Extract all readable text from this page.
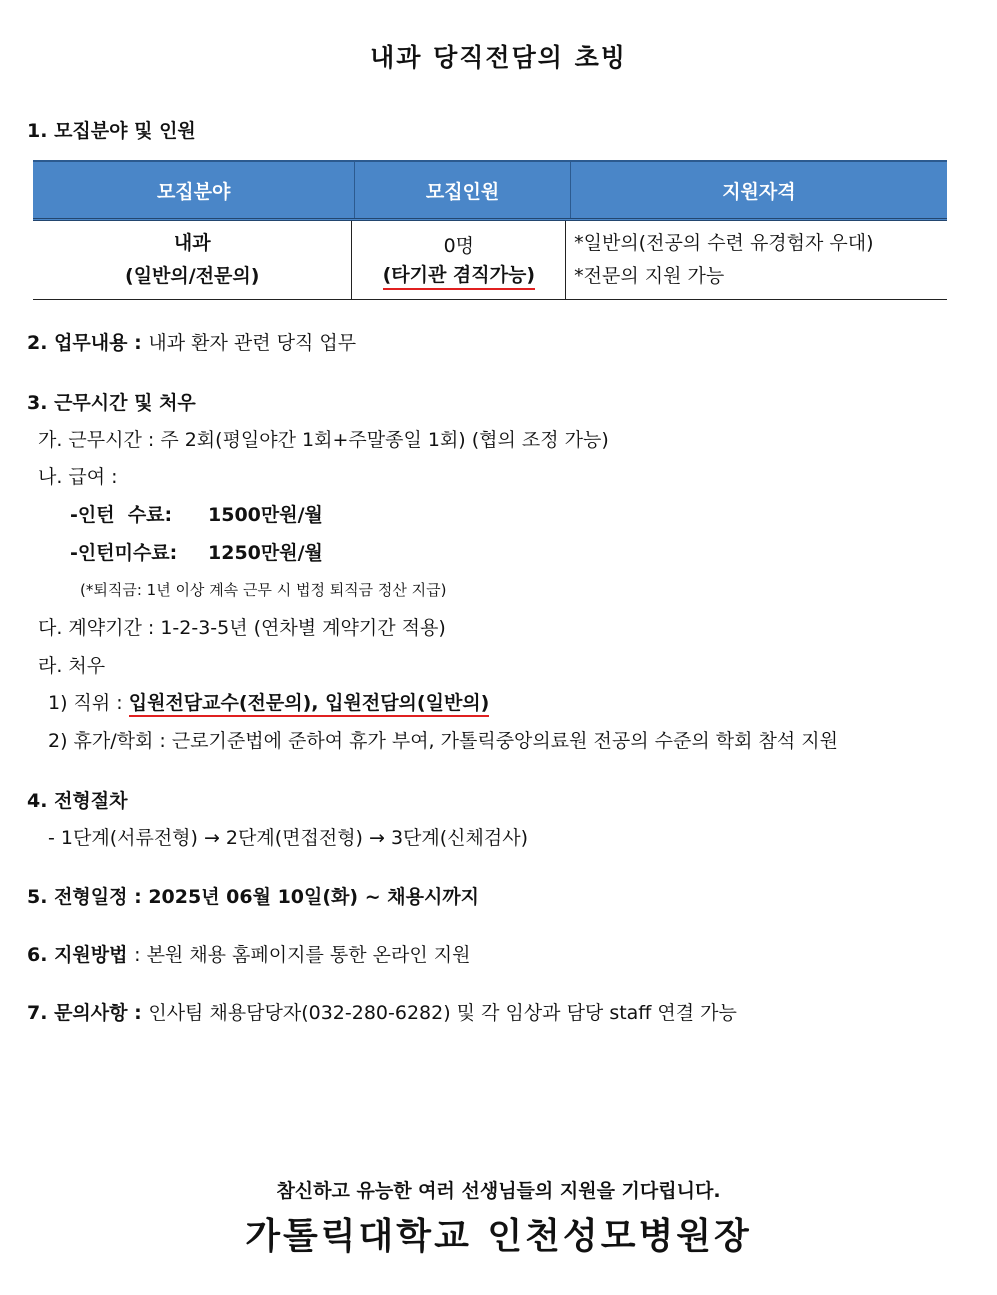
내과 당직전담의 초빙
1. 모집분야 및 인원
모집분야	모집인원	지원자격
내과
(일반의/전문의)
0명
(타기관 겸직가능)
*일반의(전공의 수련 유경험자 우대)
*전문의 지원 가능
2. 업무내용 : 내과 환자 관련 당직 업무
3. 근무시간 및 처우
가. 근무시간 : 주 2회(평일야간 1회+주말종일 1회) (협의 조정 가능)
나. 급여 :
-인턴  수료: 1500만원/월
-인턴미수료: 1250만원/월
(*퇴직금: 1년 이상 계속 근무 시 법정 퇴직금 정산 지급)
다. 계약기간 : 1-2-3-5년 (연차별 계약기간 적용)
라. 처우
1) 직위 : 입원전담교수(전문의), 입원전담의(일반의)
2) 휴가/학회 : 근로기준법에 준하여 휴가 부여, 가톨릭중앙의료원 전공의 수준의 학회 참석 지원
4. 전형절차
- 1단계(서류전형) → 2단계(면접전형) → 3단계(신체검사)
5. 전형일정 : 2025년 06월 10일(화) ~ 채용시까지
6. 지원방법 : 본원 채용 홈페이지를 통한 온라인 지원
7. 문의사항 : 인사팀 채용담당자(032-280-6282) 및 각 임상과 담당 staff 연결 가능
참신하고 유능한 여러 선생님들의 지원을 기다립니다.
가톨릭대학교 인천성모병원장
